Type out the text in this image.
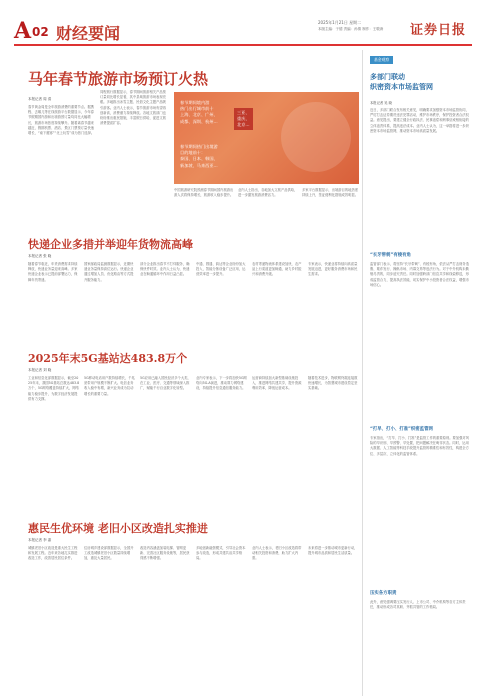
A 02 财经要闻
2025年1月21日 星期二
本版主编：于德 责编：孙倩 制作：王敬涛 证券日报
马年春节旅游市场预订火热
本报记者 周 清
春节黄金周是全年旅游消费的重要节点。据携程、去哪儿等在线旅游平台数据显示，今年春节假期国内游和出境游预订量均同比大幅增长，旅游市场热度持续攀升。随着离春节越来越近，假期机票、酒店、景区门票预订量快速增长，“南下避寒”“北上玩雪”成为热门选择。
同程旅行数据显示，春节期间旅游相关产品预订量同比增长显著，其中县域旅游市场表现亮眼。多地推出冰雪主题、民俗文化主题产品吸引游客。业内人士表示，春节旅游市场有望再创新高，消费潜力持续释放。各地文旅部门也纷纷推出惠民措施，丰富假日供给，促进文旅消费提质扩容。
春节期间境内游
热门出行城市前十
上海、北京、广州、
成都、深圳、杭州…
三亚、
重庆、
北京…
春节期间热门出境游
目的地前十：
泰国、日本、韩国、
新加坡、马来西亚…
中国旅游研究院预测春节期间国内旅游出游人次将保持增长，旅游收入稳步提升。
业内人士指出，各地加大文旅产品供给，进一步激发旅游消费活力。
多家平台数据显示，出境游目的地热度持续上升，签证便利化措施成效明显。
快递企业多措并举迎年货物流高峰
本报记者 张 晓
随着春节临近，年货消费需求持续释放，快递业务量迎来高峰。多家快递企业表示已提前部署运力，保障年货寄递。
国家邮政局监测数据显示，近期快递业务量保持高位运行。快递企业通过增加人员、优化路由等方式提升服务能力。
部分企业推出春节不打烊服务，确保快件时效。业内人士认为，快递业在畅通循环中作用日益凸显。
中通、圆通、韵达等企业纷纷加大投入，智能分拣设备广泛应用，运营效率进一步提升。
农村寄递物流体系建设加快，农产品上行渠道更加畅通，助力乡村振兴和消费升级。
专家表示，快递业将持续向高质量发展迈进，更好服务消费市场和民生需求。
2025年末5G基站达483.8万个
本报记者 刘 晓
工业和信息化部数据显示，截至2025年末，我国5G基站总数达483.8万个，5G网络覆盖持续扩大，网络能力稳步提升，为数字经济发展提供有力支撑。
5G移动电话用户数持续增长，千兆宽带用户规模不断扩大。电信业务收入稳中有增，新兴业务成为拉动增长的重要力量。
5G应用已融入国民经济多个大类，在工业、医疗、交通等领域深入推广，赋能千行百业数字化转型。
业内专家表示，下一步将加快5G网络向5G-A演进，推动算力网络建设，持续提升信息通信服务能力。
运营商持续加大新型基础设施投入，推进网络共建共享，提升资源利用效率，降低运营成本。
随着技术进步，物联网终端连接数快速增长，为智慧城市建设奠定坚实基础。
惠民生优环境 老旧小区改造扎实推进
本报记者 李 嘉
城镇老旧小区改造是重大民生工程和发展工程。近年来各地扎实推进改造工作，改善居民居住条件。
住房城乡建设部数据显示，全国开工改造城镇老旧小区数量持续增加，惠及大量居民。
改造内容涵盖加装电梯、管网更新、完善社区服务设施等，居民获得感不断增强。
多地创新融资模式，引导社会资本参与改造，形成共建共治共享格局。
业内人士表示，老旧小区改造将带动相关投资和消费，助力扩大内需。
未来将进一步推动城市更新行动，提升城市品质和居民生活质量。
基金观察
多部门联动
织密资本市场监管网
本报记者 吴 晓
近日，多部门联合发布相关意见，明确要求加强资本市场监管协同，严厉打击证券期货违法犯罪活动，维护市场秩序，保护投资者合法权益。意见提出，要建立健全行政执法、民事追偿和刑事惩戒相衔接的立体追责体系，提高违法成本。业内人士认为，这一举措将进一步织密资本市场监管网，推动资本市场高质量发展。
“长牙带刺”有棱有角
监管部门表示，将坚持“长牙带刺”、有棱有角，依法从严打击财务造假、欺诈发行、操纵市场、内幕交易等违法行为。对于中介机构未勤勉尽责的，同步追究责任。同时加强跨部门信息共享和线索移送，形成监管合力，提高执法效能，切实保护中小投资者合法权益，增强市场信心。
“打早、打小、打准”织密监管网
专家指出，“打早、打小、打准”是监管工作的重要原则。要加强对风险的早识别、早预警、早处置，把问题解决在萌芽状态。同时，运用大数据、人工智能等科技手段提升监管的精准性和有效性，构建全方位、多层次、立体化的监管体系。
压实各方职责
此外，意见强调要压实发行人、上市公司、中介机构等各方主体责任，推动形成各司其职、齐抓共管的工作格局。
